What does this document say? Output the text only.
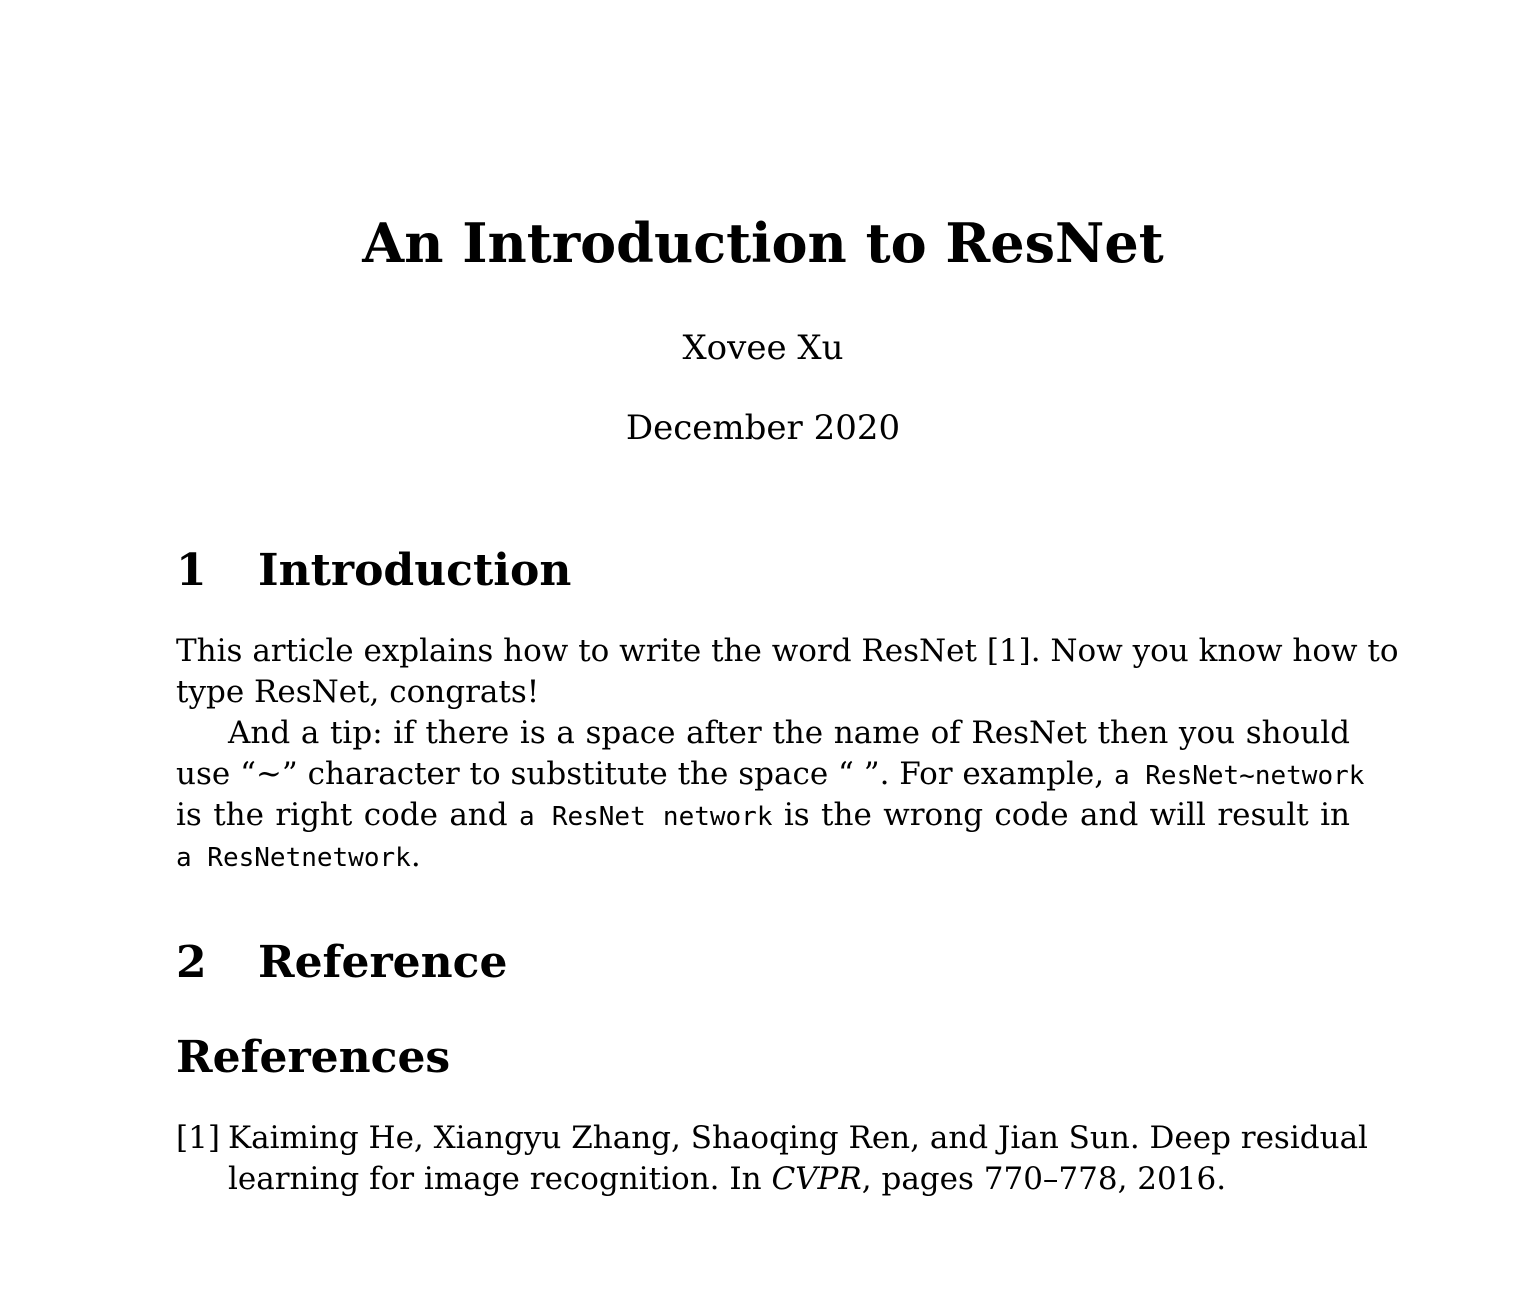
An Introduction to ResNet
Xovee Xu
December 2020
1 Introduction
This article explains how to write the word ResNet [1]. Now you know how to
type ResNet, congrats!
And a tip: if there is a space after the name of ResNet then you should
use “~” character to substitute the space “ ”. For example, a ResNet~network
is the right code and a ResNet network is the wrong code and will result in
a ResNetnetwork.
2 Reference
References
[1] Kaiming He, Xiangyu Zhang, Shaoqing Ren, and Jian Sun. Deep residual
learning for image recognition. In CVPR, pages 770–778, 2016.
